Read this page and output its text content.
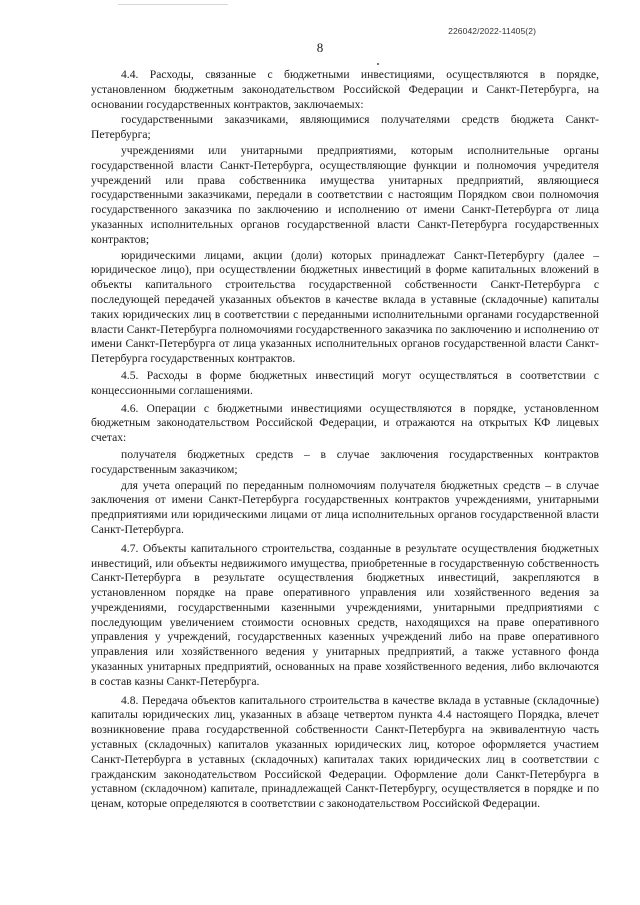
226042/2022-11405(2)
8

4.4. Расходы, связанные с бюджетными инвестициями, осуществляются в порядке, установленном бюджетным законодательством Российской Федерации и Санкт-Петербурга, на основании государственных контрактов, заключаемых:

государственными заказчиками, являющимися получателями средств бюджета Санкт-Петербурга;

учреждениями или унитарными предприятиями, которым исполнительные органы государственной власти Санкт-Петербурга, осуществляющие функции и полномочия учредителя учреждений или права собственника имущества унитарных предприятий, являющиеся государственными заказчиками, передали в соответствии с настоящим Порядком свои полномочия государственного заказчика по заключению и исполнению от имени Санкт-Петербурга от лица указанных исполнительных органов государственной власти Санкт-Петербурга государственных контрактов;

юридическими лицами, акции (доли) которых принадлежат Санкт-Петербургу (далее – юридическое лицо), при осуществлении бюджетных инвестиций в форме капитальных вложений в объекты капитального строительства государственной собственности Санкт-Петербурга с последующей передачей указанных объектов в качестве вклада в уставные (складочные) капиталы таких юридических лиц в соответствии с переданными исполнительными органами государственной власти Санкт-Петербурга полномочиями государственного заказчика по заключению и исполнению от имени Санкт-Петербурга от лица указанных исполнительных органов государственной власти Санкт-Петербурга государственных контрактов.

4.5. Расходы в форме бюджетных инвестиций могут осуществляться в соответствии с концессионными соглашениями.

4.6. Операции с бюджетными инвестициями осуществляются в порядке, установленном бюджетным законодательством Российской Федерации, и отражаются на открытых КФ лицевых счетах:

получателя бюджетных средств – в случае заключения государственных контрактов государственным заказчиком;

для учета операций по переданным полномочиям получателя бюджетных средств – в случае заключения от имени Санкт-Петербурга государственных контрактов учреждениями, унитарными предприятиями или юридическими лицами от лица исполнительных органов государственной власти Санкт-Петербурга.

4.7. Объекты капитального строительства, созданные в результате осуществления бюджетных инвестиций, или объекты недвижимого имущества, приобретенные в государственную собственность Санкт-Петербурга в результате осуществления бюджетных инвестиций, закрепляются в установленном порядке на праве оперативного управления или хозяйственного ведения за учреждениями, государственными казенными учреждениями, унитарными предприятиями с последующим увеличением стоимости основных средств, находящихся на праве оперативного управления у учреждений, государственных казенных учреждений либо на праве оперативного управления или хозяйственного ведения у унитарных предприятий, а также уставного фонда указанных унитарных предприятий, основанных на праве хозяйственного ведения, либо включаются в состав казны Санкт-Петербурга.

4.8. Передача объектов капитального строительства в качестве вклада в уставные (складочные) капиталы юридических лиц, указанных в абзаце четвертом пункта 4.4 настоящего Порядка, влечет возникновение права государственной собственности Санкт-Петербурга на эквивалентную часть уставных (складочных) капиталов указанных юридических лиц, которое оформляется участием Санкт-Петербурга в уставных (складочных) капиталах таких юридических лиц в соответствии с гражданским законодательством Российской Федерации. Оформление доли Санкт-Петербурга в уставном (складочном) капитале, принадлежащей Санкт-Петербургу, осуществляется в порядке и по ценам, которые определяются в соответствии с законодательством Российской Федерации.
